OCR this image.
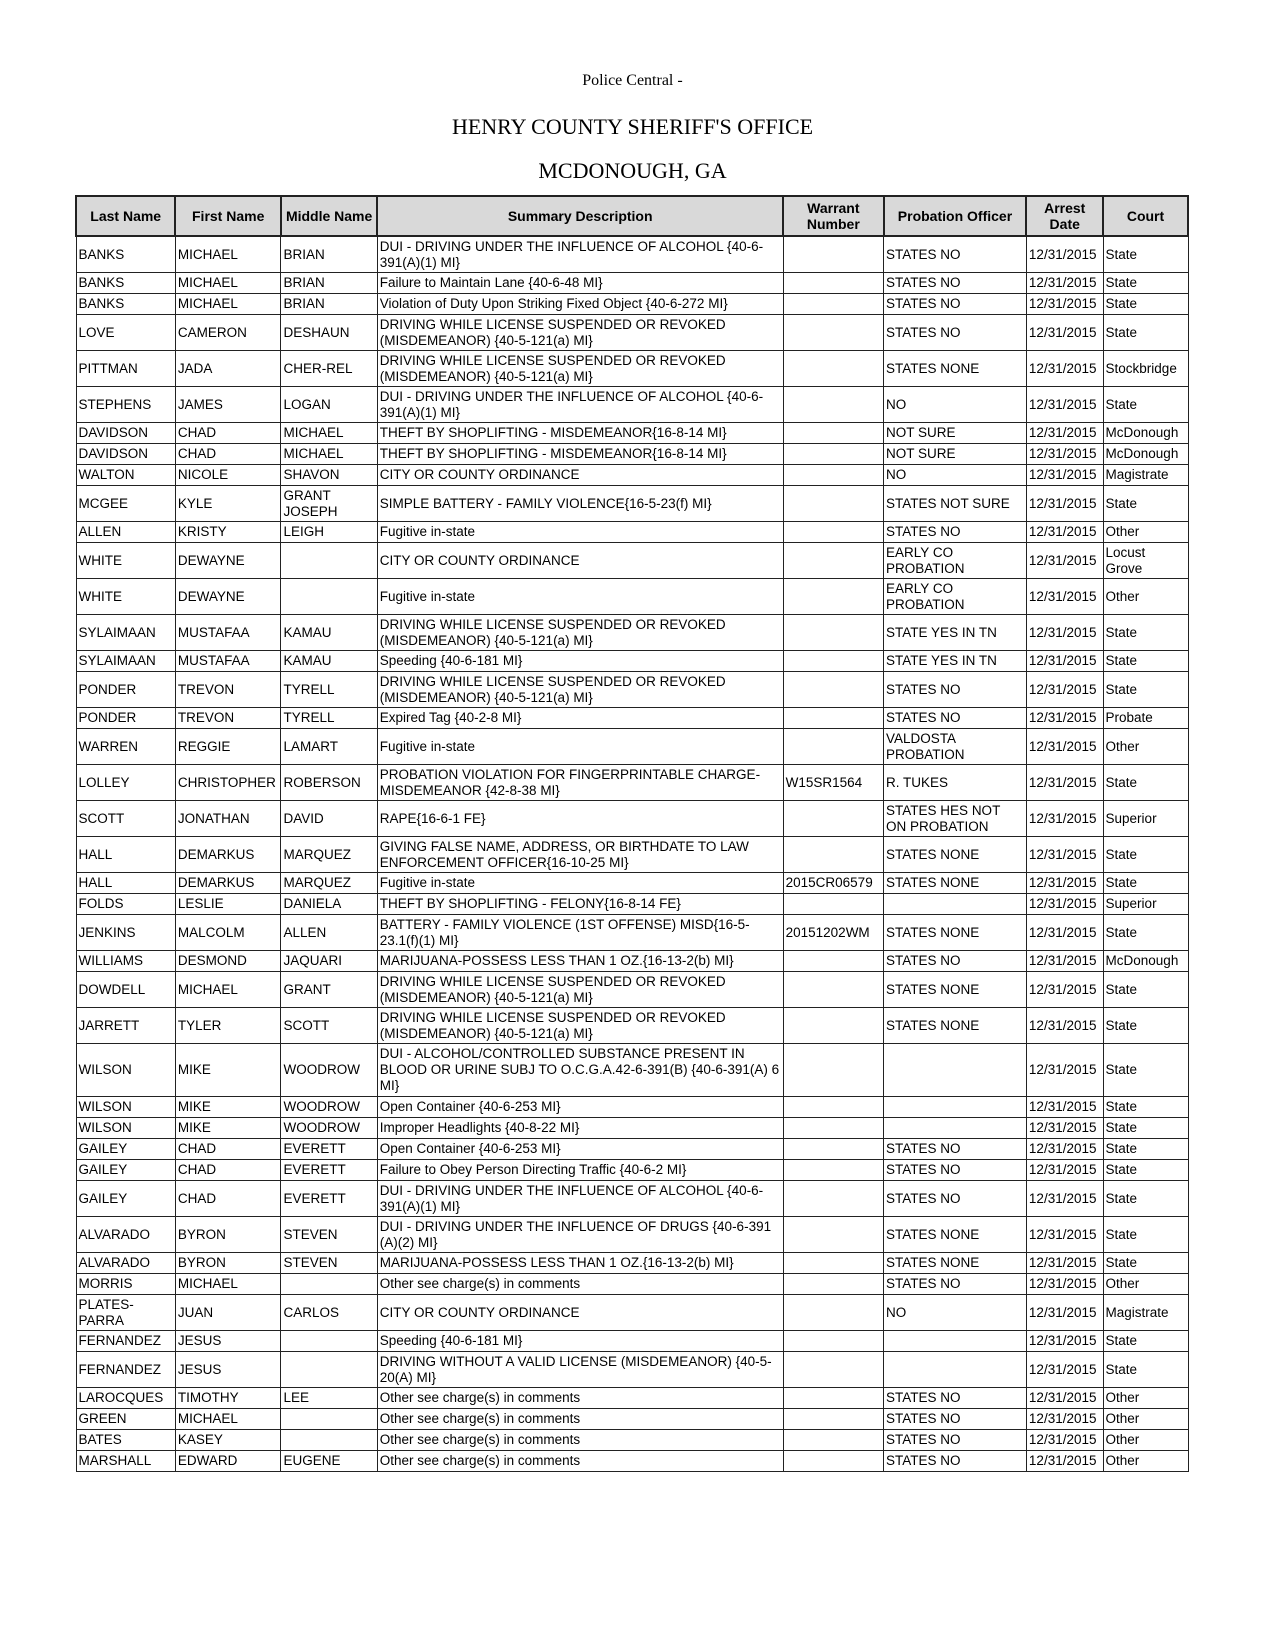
Police Central -
HENRY COUNTY SHERIFF'S OFFICE
MCDONOUGH, GA
Last Name	First Name	Middle Name	Summary Description	Warrant Number	Probation Officer	Arrest Date	Court
BANKS	MICHAEL	BRIAN	DUI - DRIVING UNDER THE INFLUENCE OF ALCOHOL {40-6-391(A)(1) MI}		STATES NO	12/31/2015	State
BANKS	MICHAEL	BRIAN	Failure to Maintain Lane {40-6-48 MI}		STATES NO	12/31/2015	State
BANKS	MICHAEL	BRIAN	Violation of Duty Upon Striking Fixed Object {40-6-272 MI}		STATES NO	12/31/2015	State
LOVE	CAMERON	DESHAUN	DRIVING WHILE LICENSE SUSPENDED OR REVOKED (MISDEMEANOR) {40-5-121(a) MI}		STATES NO	12/31/2015	State
PITTMAN	JADA	CHER-REL	DRIVING WHILE LICENSE SUSPENDED OR REVOKED (MISDEMEANOR) {40-5-121(a) MI}		STATES NONE	12/31/2015	Stockbridge
STEPHENS	JAMES	LOGAN	DUI - DRIVING UNDER THE INFLUENCE OF ALCOHOL {40-6-391(A)(1) MI}		NO	12/31/2015	State
DAVIDSON	CHAD	MICHAEL	THEFT BY SHOPLIFTING - MISDEMEANOR{16-8-14 MI}		NOT SURE	12/31/2015	McDonough
DAVIDSON	CHAD	MICHAEL	THEFT BY SHOPLIFTING - MISDEMEANOR{16-8-14 MI}		NOT SURE	12/31/2015	McDonough
WALTON	NICOLE	SHAVON	CITY OR COUNTY ORDINANCE		NO	12/31/2015	Magistrate
MCGEE	KYLE	GRANT JOSEPH	SIMPLE BATTERY - FAMILY VIOLENCE{16-5-23(f) MI}		STATES NOT SURE	12/31/2015	State
ALLEN	KRISTY	LEIGH	Fugitive in-state		STATES NO	12/31/2015	Other
WHITE	DEWAYNE		CITY OR COUNTY ORDINANCE		EARLY CO PROBATION	12/31/2015	Locust Grove
WHITE	DEWAYNE		Fugitive in-state		EARLY CO PROBATION	12/31/2015	Other
SYLAIMAAN	MUSTAFAA	KAMAU	DRIVING WHILE LICENSE SUSPENDED OR REVOKED (MISDEMEANOR) {40-5-121(a) MI}		STATE YES IN TN	12/31/2015	State
SYLAIMAAN	MUSTAFAA	KAMAU	Speeding {40-6-181 MI}		STATE YES IN TN	12/31/2015	State
PONDER	TREVON	TYRELL	DRIVING WHILE LICENSE SUSPENDED OR REVOKED (MISDEMEANOR) {40-5-121(a) MI}		STATES NO	12/31/2015	State
PONDER	TREVON	TYRELL	Expired Tag {40-2-8 MI}		STATES NO	12/31/2015	Probate
WARREN	REGGIE	LAMART	Fugitive in-state		VALDOSTA PROBATION	12/31/2015	Other
LOLLEY	CHRISTOPHER	ROBERSON	PROBATION VIOLATION FOR FINGERPRINTABLE CHARGE-MISDEMEANOR {42-8-38 MI}	W15SR1564	R. TUKES	12/31/2015	State
SCOTT	JONATHAN	DAVID	RAPE{16-6-1 FE}		STATES HES NOT ON PROBATION	12/31/2015	Superior
HALL	DEMARKUS	MARQUEZ	GIVING FALSE NAME, ADDRESS, OR BIRTHDATE TO LAW ENFORCEMENT OFFICER{16-10-25 MI}		STATES NONE	12/31/2015	State
HALL	DEMARKUS	MARQUEZ	Fugitive in-state	2015CR06579	STATES NONE	12/31/2015	State
FOLDS	LESLIE	DANIELA	THEFT BY SHOPLIFTING - FELONY{16-8-14 FE}			12/31/2015	Superior
JENKINS	MALCOLM	ALLEN	BATTERY - FAMILY VIOLENCE (1ST OFFENSE) MISD{16-5-23.1(f)(1) MI}	20151202WM	STATES NONE	12/31/2015	State
WILLIAMS	DESMOND	JAQUARI	MARIJUANA-POSSESS LESS THAN 1 OZ.{16-13-2(b) MI}		STATES NO	12/31/2015	McDonough
DOWDELL	MICHAEL	GRANT	DRIVING WHILE LICENSE SUSPENDED OR REVOKED (MISDEMEANOR) {40-5-121(a) MI}		STATES NONE	12/31/2015	State
JARRETT	TYLER	SCOTT	DRIVING WHILE LICENSE SUSPENDED OR REVOKED (MISDEMEANOR) {40-5-121(a) MI}		STATES NONE	12/31/2015	State
WILSON	MIKE	WOODROW	DUI - ALCOHOL/CONTROLLED SUBSTANCE PRESENT IN BLOOD OR URINE SUBJ TO O.C.G.A.42-6-391(B) {40-6-391(A) 6 MI}			12/31/2015	State
WILSON	MIKE	WOODROW	Open Container {40-6-253 MI}			12/31/2015	State
WILSON	MIKE	WOODROW	Improper Headlights {40-8-22 MI}			12/31/2015	State
GAILEY	CHAD	EVERETT	Open Container {40-6-253 MI}		STATES NO	12/31/2015	State
GAILEY	CHAD	EVERETT	Failure to Obey Person Directing Traffic {40-6-2 MI}		STATES NO	12/31/2015	State
GAILEY	CHAD	EVERETT	DUI - DRIVING UNDER THE INFLUENCE OF ALCOHOL {40-6-391(A)(1) MI}		STATES NO	12/31/2015	State
ALVARADO	BYRON	STEVEN	DUI - DRIVING UNDER THE INFLUENCE OF DRUGS {40-6-391 (A)(2) MI}		STATES NONE	12/31/2015	State
ALVARADO	BYRON	STEVEN	MARIJUANA-POSSESS LESS THAN 1 OZ.{16-13-2(b) MI}		STATES NONE	12/31/2015	State
MORRIS	MICHAEL		Other see charge(s) in comments		STATES NO	12/31/2015	Other
PLATES-PARRA	JUAN	CARLOS	CITY OR COUNTY ORDINANCE		NO	12/31/2015	Magistrate
FERNANDEZ	JESUS		Speeding {40-6-181 MI}			12/31/2015	State
FERNANDEZ	JESUS		DRIVING WITHOUT A VALID LICENSE (MISDEMEANOR) {40-5-20(A) MI}			12/31/2015	State
LAROCQUES	TIMOTHY	LEE	Other see charge(s) in comments		STATES NO	12/31/2015	Other
GREEN	MICHAEL		Other see charge(s) in comments		STATES NO	12/31/2015	Other
BATES	KASEY		Other see charge(s) in comments		STATES NO	12/31/2015	Other
MARSHALL	EDWARD	EUGENE	Other see charge(s) in comments		STATES NO	12/31/2015	Other
